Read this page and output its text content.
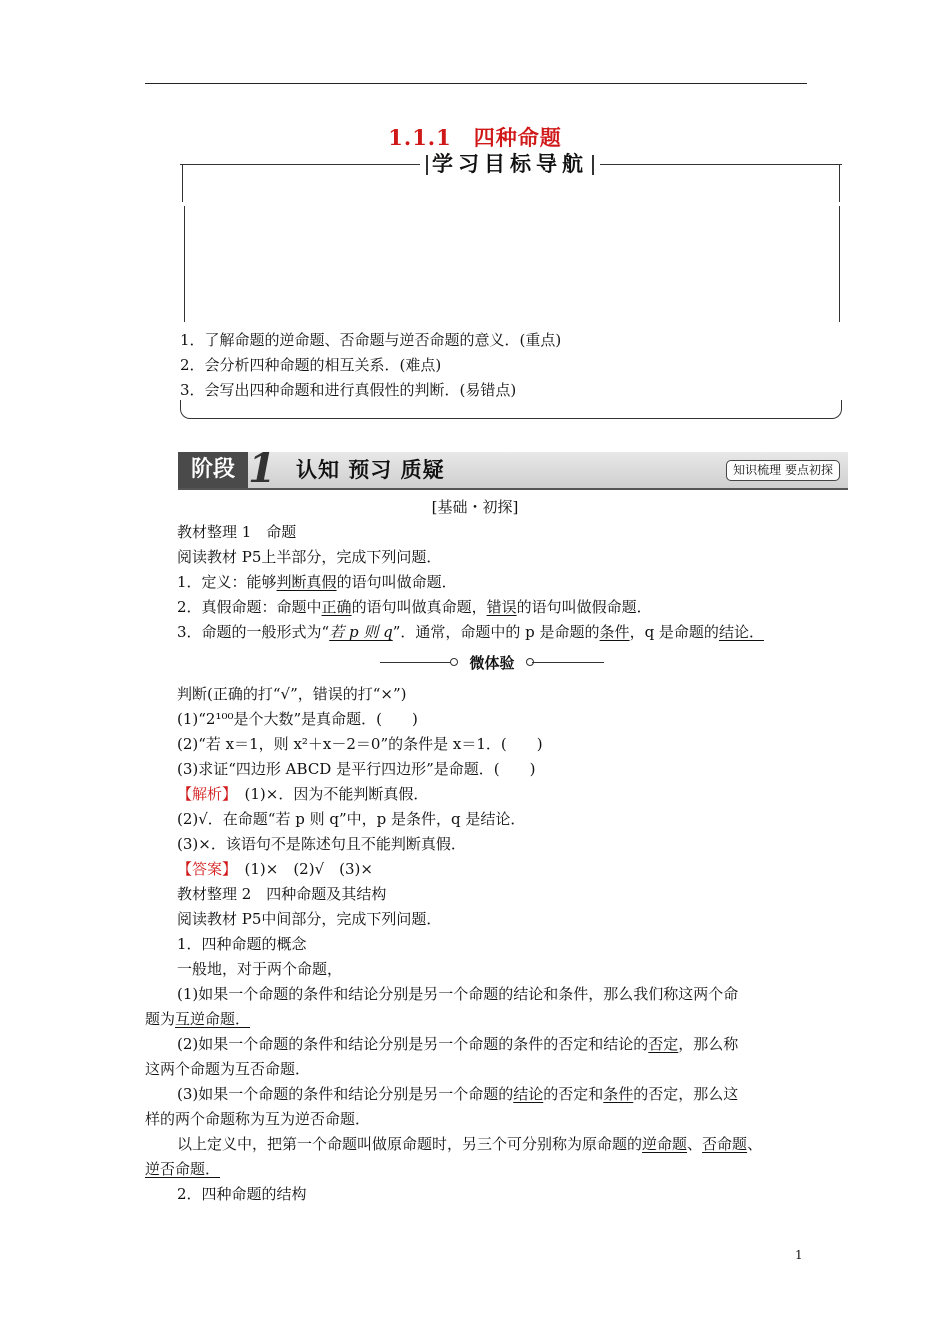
1.1.1　四种命题
学习目标导航
1．了解命题的逆命题、否命题与逆否命题的意义．(重点)
2．会分析四种命题的相互关系．(难点)
3．会写出四种命题和进行真假性的判断．(易错点)
阶段 1 认知 预习 质疑	知识梳理 要点初探
[基础・初探]
教材整理 1　命题
阅读教材 P5上半部分，完成下列问题．
1．定义：能够判断真假的语句叫做命题．
2．真假命题：命题中正确的语句叫做真命题，错误的语句叫做假命题．
3．命题的一般形式为“若 p 则 q”．通常，命题中的 p 是命题的条件，q 是命题的结论．
微体验
判断(正确的打“√”，错误的打“×”)
(1)“2¹⁰⁰是个大数”是真命题．(　　)
(2)“若 x＝1，则 x²＋x－2＝0”的条件是 x＝1．(　　)
(3)求证“四边形 ABCD 是平行四边形”是命题．(　　)
【解析】　(1)×．因为不能判断真假．
(2)√．在命题“若 p 则 q”中，p 是条件，q 是结论．
(3)×．该语句不是陈述句且不能判断真假．
【答案】　(1)×　(2)√　(3)×
教材整理 2　四种命题及其结构
阅读教材 P5中间部分，完成下列问题．
1．四种命题的概念
一般地，对于两个命题，
(1)如果一个命题的条件和结论分别是另一个命题的结论和条件，那么我们称这两个命
题为互逆命题．
(2)如果一个命题的条件和结论分别是另一个命题的条件的否定和结论的否定，那么称
这两个命题为互否命题．
(3)如果一个命题的条件和结论分别是另一个命题的结论的否定和条件的否定，那么这
样的两个命题称为互为逆否命题．
以上定义中，把第一个命题叫做原命题时，另三个可分别称为原命题的逆命题、否命题、
逆否命题．
2．四种命题的结构
1
